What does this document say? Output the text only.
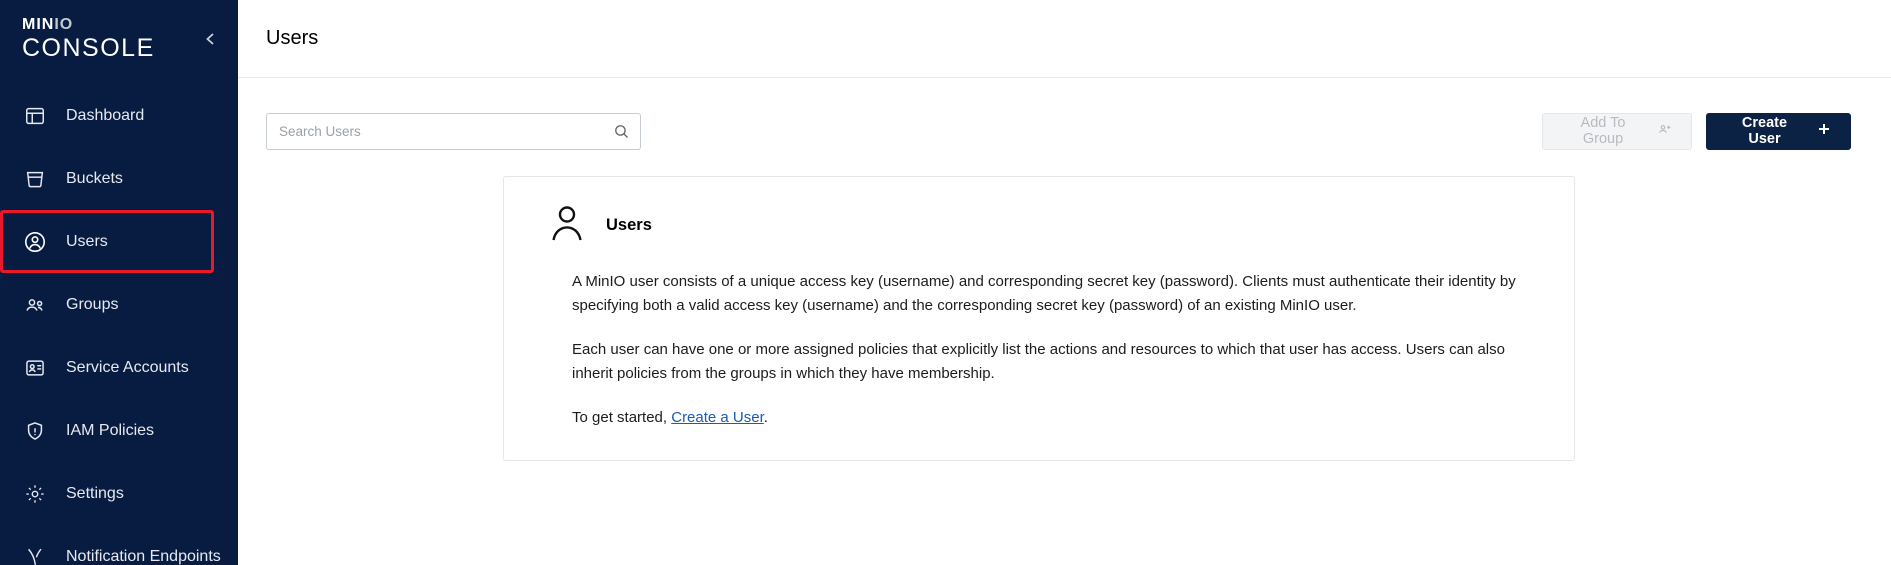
MINIO
CONSOLE
Dashboard
Buckets
Users
Groups
Service Accounts
IAM Policies
Settings
Notification Endpoints
Users
Search Users
Add To Group
Create User
Users

A MinIO user consists of a unique access key (username) and corresponding secret key (password). Clients must authenticate their identity by specifying both a valid access key (username) and the corresponding secret key (password) of an existing MinIO user.

Each user can have one or more assigned policies that explicitly list the actions and resources to which that user has access. Users can also inherit policies from the groups in which they have membership.

To get started, Create a User.
